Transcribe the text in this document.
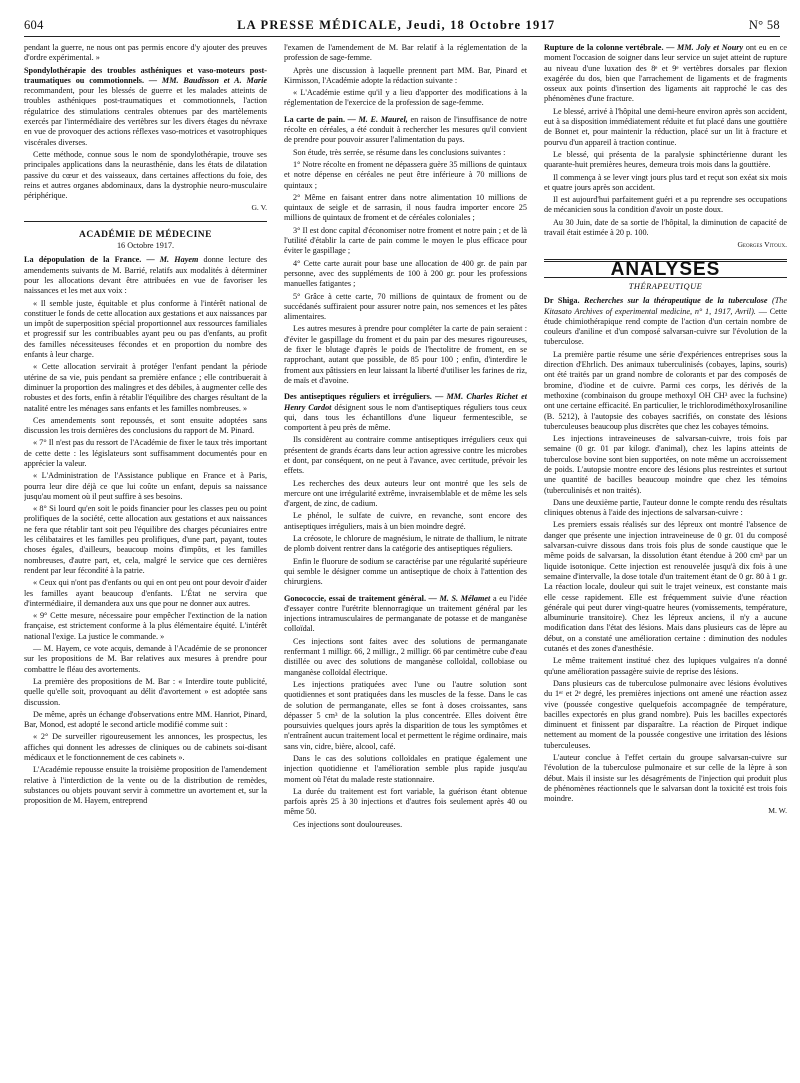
604	LA PRESSE MÉDICALE, Jeudi, 18 Octobre 1917	N° 58

pendant la guerre, ne nous ont pas permis encore d'y ajouter des preuves d'ordre expérimental. »

Spondylothérapie des troubles asthéniques et vaso-moteurs post-traumatiques ou commotionnels. — MM. Baudisson et A. Marie recommandent, pour les blessés de guerre et les malades atteints de troubles asthéniques post-traumatiques et commotionnels, l'action régulatrice des stimulations centrales obtenues par des martèlements exercés par l'intermédiaire des vertèbres sur les divers étages du névraxe en vue de provoquer des actions réflexes vaso-motrices et vasotrophiques viscérales diverses.

Cette méthode, connue sous le nom de spondylothérapie, trouve ses principales applications dans la neurasthénie, dans les états de dilatation passive du cœur et des vaisseaux, dans certaines affections du foie, des reins et autres organes abdominaux, dans la dystrophie neuro-musculaire périphérique.

G. V.
ACADÉMIE DE MÉDECINE
16 Octobre 1917.

La dépopulation de la France. — M. Hayem donne lecture des amendements suivants de M. Barrié, relatifs aux modalités à déterminer pour les allocations devant être attribuées en vue de favoriser les naissances et les met aux voix :

« Il semble juste, équitable et plus conforme à l'intérêt national de constituer le fonds de cette allocation aux gestations et aux naissances par un impôt de superposition spécial proportionnel aux ressources familiales et progressif sur les contribuables ayant peu ou pas d'enfants, au profit des familles nécessiteuses fécondes et en proportion du nombre des enfants à leur charge.

« Cette allocation servirait à protéger l'enfant pendant la période utérine de sa vie, puis pendant sa première enfance ; elle contribuerait à diminuer la proportion des malingres et des débiles, à augmenter celle des robustes et des forts, enfin à rétablir l'équilibre des charges résultant de la natalité entre les ménages sans enfants et les familles nombreuses. »

Ces amendements sont repoussés, et sont ensuite adoptées sans discussion les trois dernières des conclusions du rapport de M. Pinard.

« 7° Il n'est pas du ressort de l'Académie de fixer le taux très important de cette dette : les législateurs sont suffisamment documentés pour en apprécier la valeur.

« L'Administration de l'Assistance publique en France et à Paris, pourra leur dire déjà ce que lui coûte un enfant, depuis sa naissance jusqu'au moment où il peut suffire à ses besoins.

« 8° Si lourd qu'en soit le poids financier pour les classes peu ou point prolifiques de la société, cette allocation aux gestations et aux naissances ne fera que rétablir tant soit peu l'équilibre des charges pécuniaires entre les célibataires et les familles peu prolifiques, d'une part, payant, toutes choses égales, d'ailleurs, beaucoup moins d'impôts, et les familles nombreuses, d'autre part, et, cela, malgré le service que ces dernières rendent par leur fécondité à la patrie.

« Ceux qui n'ont pas d'enfants ou qui en ont peu ont pour devoir d'aider les familles ayant beaucoup d'enfants. L'État ne servira que d'intermédiaire, il demandera aux uns que pour ne donner aux autres.

« 9° Cette mesure, nécessaire pour empêcher l'extinction de la nation française, est strictement conforme à la plus élémentaire équité. L'intérêt national l'exige. La justice le commande. »

— M. Hayem, ce vote acquis, demande à l'Académie de se prononcer sur les propositions de M. Bar relatives aux mesures à prendre pour combattre le fléau des avortements.

La première des propositions de M. Bar : « Interdire toute publicité, quelle qu'elle soit, provoquant au délit d'avortement » est adoptée sans discussion.

De même, après un échange d'observations entre MM. Hanriot, Pinard, Bar, Monod, est adopté le second article modifié comme suit :

« 2° De surveiller rigoureusement les annonces, les prospectus, les affiches qui donnent les adresses de cliniques ou de cabinets soi-disant médicaux et le fonctionnement de ces cabinets ».

L'Académie repousse ensuite la troisième proposition de l'amendement relative à l'interdiction de la vente ou de la distribution de remèdes, substances ou objets pouvant servir à commettre un avortement et, sur la proposition de M. Hayem, entreprend

l'examen de l'amendement de M. Bar relatif à la réglementation de la profession de sage-femme.

Après une discussion à laquelle prennent part MM. Bar, Pinard et Kirmisson, l'Académie adopte la rédaction suivante :

« L'Académie estime qu'il y a lieu d'apporter des modifications à la réglementation de l'exercice de la profession de sage-femme.

La carte de pain. — M. E. Maurel, en raison de l'insuffisance de notre récolte en céréales, a été conduit à rechercher les mesures qu'il convient de prendre pour pouvoir assurer l'alimentation du pays.

Son étude, très serrée, se résume dans les conclusions suivantes :

1° Notre récolte en froment ne dépassera guère 35 millions de quintaux et notre dépense en céréales ne peut être inférieure à 70 millions de quintaux ;

2° Même en faisant entrer dans notre alimentation 10 millions de quintaux de seigle et de sarrasin, il nous faudra importer encore 25 millions de quintaux de froment et de céréales coloniales ;

3° Il est donc capital d'économiser notre froment et notre pain ; et de là l'utilité d'établir la carte de pain comme le moyen le plus efficace pour éviter le gaspillage ;

4° Cette carte aurait pour base une allocation de 400 gr. de pain par personne, avec des suppléments de 100 à 200 gr. pour les professions manuelles fatigantes ;

5° Grâce à cette carte, 70 millions de quintaux de froment ou de succédanés suffiraient pour assurer notre pain, nos semences et les pâtes alimentaires.

Les autres mesures à prendre pour compléter la carte de pain seraient : d'éviter le gaspillage du froment et du pain par des mesures rigoureuses, de fixer le blutage d'après le poids de l'hectolitre de froment, en se rapprochant, autant que possible, de 85 pour 100 ; enfin, d'interdire le froment aux pâtissiers en leur laissant la liberté d'utiliser les farines de riz, de maïs et d'avoine.

Des antiseptiques réguliers et irréguliers. — MM. Charles Richet et Henry Cardot désignent sous le nom d'antiseptiques réguliers tous ceux qui, dans tous les échantillons d'une liqueur fermentescible, se comportent à peu près de même.

Ils considèrent au contraire comme antiseptiques irréguliers ceux qui présentent de grands écarts dans leur action agressive contre les microbes et dont, par conséquent, on ne peut à l'avance, avec certitude, prévoir les effets.

Les recherches des deux auteurs leur ont montré que les sels de mercure ont une irrégularité extrême, invraisemblable et de même les sels d'argent, de zinc, de cadium.

Le phénol, le sulfate de cuivre, en revanche, sont encore des antiseptiques irréguliers, mais à un bien moindre degré.

La créosote, le chlorure de magnésium, le nitrate de thallium, le nitrate de plomb doivent rentrer dans la catégorie des antiseptiques réguliers.

Enfin le fluorure de sodium se caractérise par une régularité supérieure qui semble le désigner comme un antiseptique de choix à l'attention des chirurgiens.

Gonococcie, essai de traitement général. — M. S. Mélamet a eu l'idée d'essayer contre l'urétrite blennorragique un traitement général par les injections intramusculaires de permanganate de potasse et de manganèse colloïdal.

Ces injections sont faites avec des solutions de permanganate renfermant 1 milligr. 66, 2 milligr., 2 milligr. 66 par centimètre cube d'eau distillée ou avec des solutions de manganèse colloïdal, collobiase ou manganèse colloïdal électrique.

Les injections pratiquées avec l'une ou l'autre solution sont quotidiennes et sont pratiquées dans les muscles de la fesse. Dans le cas de solution de permanganate, elles se font à doses croissantes, sans dépasser 5 cm³ de la solution la plus concentrée. Elles doivent être poursuivies quelques jours après la disparition de tous les symptômes et n'entraînent aucun traitement local et permettent le régime ordinaire, mais sans vin, cidre, bière, alcool, café.

Dans le cas des solutions colloïdales en pratique également une injection quotidienne et l'amélioration semble plus rapide jusqu'au moment où l'état du malade reste stationnaire.

La durée du traitement est fort variable, la guérison étant obtenue parfois après 25 à 30 injections et d'autres fois seulement après 40 ou même 50.

Ces injections sont douloureuses.

Rupture de la colonne vertébrale. — MM. Joly et Noury ont eu en ce moment l'occasion de soigner dans leur service un sujet atteint de rupture au niveau d'une luxation des 8ᵉ et 9ᵉ vertèbres dorsales par flexion exagérée du dos, bien que l'arrachement de ligaments et de fragments osseux aux points d'insertion des ligaments ait rapproché le cas des phénomènes d'une fracture.

Le blessé, arrivé à l'hôpital une demi-heure environ après son accident, eut à sa disposition immédiatement réduite et fut placé dans une gouttière de Bonnet et, pour maintenir la réduction, placé sur un lit à fracture et pourvu d'un appareil à traction continue.

Le blessé, qui présenta de la paralysie sphinctérienne durant les quarante-huit premières heures, demeura trois mois dans la gouttière.

Il commença à se lever vingt jours plus tard et reçut son exéat six mois et quatre jours après son accident.

Il est aujourd'hui parfaitement guéri et a pu reprendre ses occupations de mécanicien sous la condition d'avoir un poste doux.

Au 30 Juin, date de sa sortie de l'hôpital, la diminution de capacité de travail était estimée à 20 p. 100.

Georges Vitoux.
ANALYSES
THÉRAPEUTIQUE

Dr Shiga. Recherches sur la thérapeutique de la tuberculose (The Kitasato Archives of experimental medicine, n° 1, 1917, Avril). — Cette étude chimiothérapique rend compte de l'action d'un certain nombre de couleurs d'aniline et d'un composé salvarsan-cuivre sur l'évolution de la tuberculose.

La première partie résume une série d'expériences entreprises sous la direction d'Ehrlich. Des animaux tuberculinisés (cobayes, lapins, souris) ont été traités par un grand nombre de colorants et par des composés de bromine, d'iodine et de cuivre. Parmi ces corps, les dérivés de la methoxine (combinaison du groupe methoxyl OH CH³ avec la fuchsine) ont une certaine efficacité. En particulier, le trichlorodiméthoxylrosaniline (B. 5212), à l'autopsie des cobayes sacrifiés, on constate des lésions tuberculeuses beaucoup plus discrètes que chez les cobayes témoins.

Les injections intraveineuses de salvarsan-cuivre, trois fois par semaine (0 gr. 01 par kilogr. d'animal), chez les lapins atteints de tuberculose bovine sont bien supportées, on note même un accroissement de poids. L'autopsie montre encore des lésions plus restreintes et surtout une quantité de bacilles beaucoup moindre que chez les témoins (tuberculinisés et non traités).

Dans une deuxième partie, l'auteur donne le compte rendu des résultats cliniques obtenus à l'aide des injections de salvarsan-cuivre :

Les premiers essais réalisés sur des lépreux ont montré l'absence de danger que présente une injection intraveineuse de 0 gr. 01 du composé salvarsan-cuivre dissous dans trois fois plus de sonde caustique que le même poids de salvarsan, la dissolution étant étendue à 200 cm³ par un liquide isotonique. Cette injection est renouvelée jusqu'à dix fois à une semaine d'intervalle, la dose totale d'un traitement étant de 0 gr. 80 à 1 gr. La réaction locale, douleur qui suit le trajet veineux, est constante mais elle cesse rapidement. Elle est fréquemment suivie d'une réaction générale qui peut durer vingt-quatre heures (vomissements, température, albuminurie transitoire). Chez les lépreux anciens, il n'y a aucune modification dans l'état des lésions. Mais dans plusieurs cas de lèpre au début, on a constaté une amélioration certaine : diminution des nodules cutanés et des zones d'anesthésie.

Le même traitement institué chez des lupiques vulgaires n'a donné qu'une amélioration passagère suivie de reprise des lésions.

Dans plusieurs cas de tuberculose pulmonaire avec lésions évolutives du 1ᵉʳ et 2ᵉ degré, les premières injections ont amené une réaction assez vive (poussée congestive quelquefois accompagnée de température, bacilles expectorés en plus grand nombre). Puis les bacilles expectorés diminuent et finissent par disparaître. La réaction de Pirquet indique nettement au moment de la poussée congestive une irritation des lésions tuberculeuses.

L'auteur conclue à l'effet certain du groupe salvarsan-cuivre sur l'évolution de la tuberculose pulmonaire et sur celle de la lèpre à son début. Mais il insiste sur les désagréments de l'injection qui produit plus de phénomènes réactionnels que le salvarsan dont la toxicité est trois fois moindre.

M. W.
